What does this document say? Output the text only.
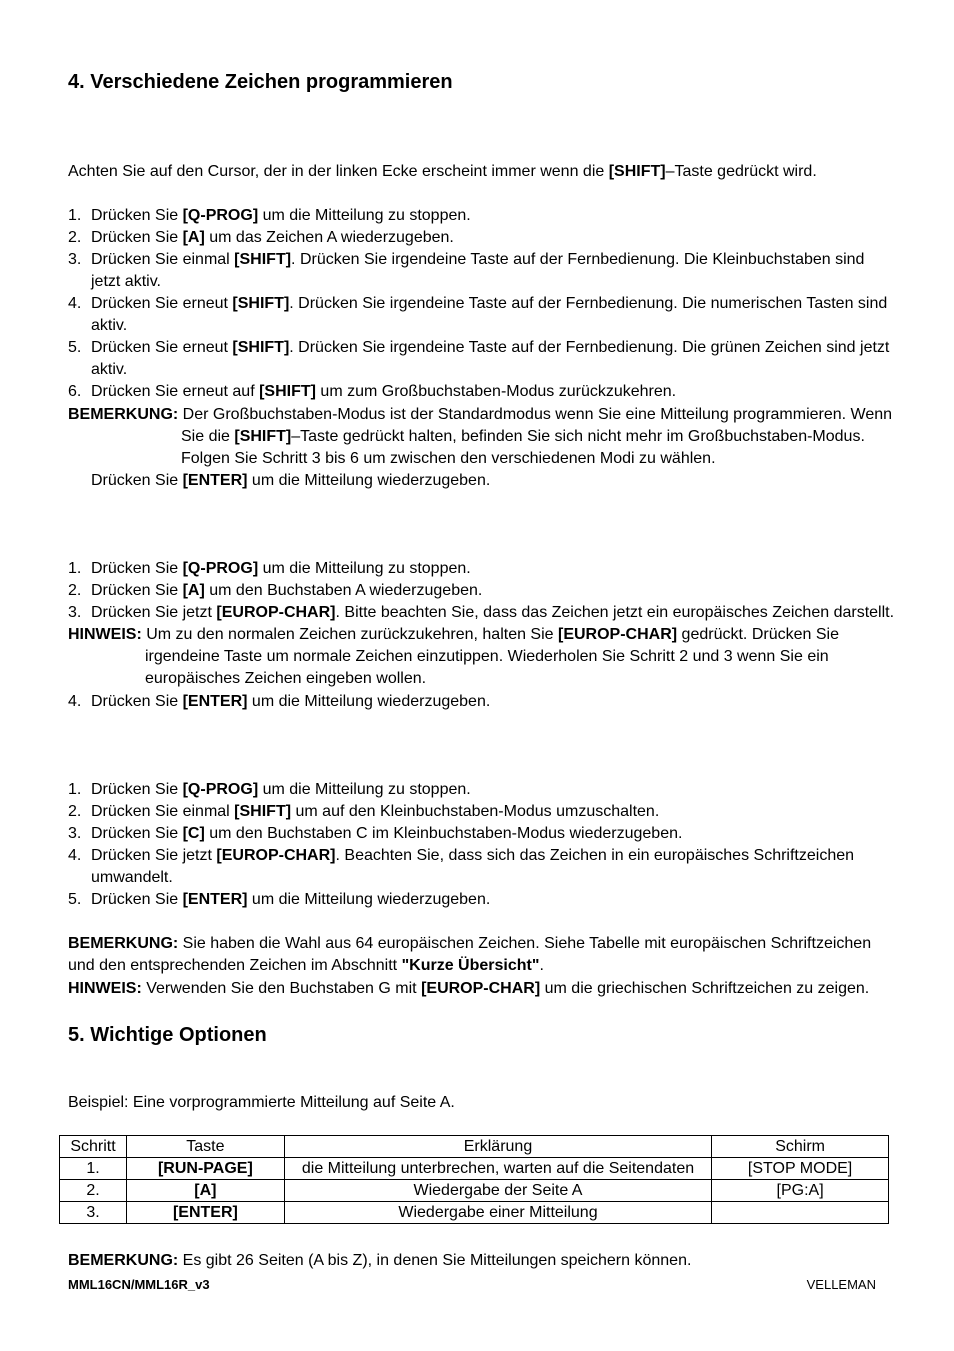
4. Verschiedene Zeichen programmieren
Achten Sie auf den Cursor, der in der linken Ecke erscheint immer wenn die [SHIFT]–Taste gedrückt wird.
1. Drücken Sie [Q-PROG] um die Mitteilung zu stoppen.
2. Drücken Sie [A] um das Zeichen A wiederzugeben.
3. Drücken Sie einmal [SHIFT]. Drücken Sie irgendeine Taste auf der Fernbedienung. Die Kleinbuchstaben sind jetzt aktiv.
4. Drücken Sie erneut [SHIFT]. Drücken Sie irgendeine Taste auf der Fernbedienung. Die numerischen Tasten sind aktiv.
5. Drücken Sie erneut [SHIFT]. Drücken Sie irgendeine Taste auf der Fernbedienung. Die grünen Zeichen sind jetzt aktiv.
6. Drücken Sie erneut auf [SHIFT] um zum Großbuchstaben-Modus zurückzukehren.
BEMERKUNG: Der Großbuchstaben-Modus ist der Standardmodus wenn Sie eine Mitteilung programmieren. Wenn
Sie die [SHIFT]–Taste gedrückt halten, befinden Sie sich nicht mehr im Großbuchstaben-Modus.
Folgen Sie Schritt 3 bis 6 um zwischen den verschiedenen Modi zu wählen.
Drücken Sie [ENTER] um die Mitteilung wiederzugeben.
1. Drücken Sie [Q-PROG] um die Mitteilung zu stoppen.
2. Drücken Sie [A] um den Buchstaben A wiederzugeben.
3. Drücken Sie jetzt [EUROP-CHAR]. Bitte beachten Sie, dass das Zeichen jetzt ein europäisches Zeichen darstellt.
HINWEIS: Um zu den normalen Zeichen zurückzukehren, halten Sie [EUROP-CHAR] gedrückt. Drücken Sie
irgendeine Taste um normale Zeichen einzutippen. Wiederholen Sie Schritt 2 und 3 wenn Sie ein
europäisches Zeichen eingeben wollen.
4. Drücken Sie [ENTER] um die Mitteilung wiederzugeben.
1. Drücken Sie [Q-PROG] um die Mitteilung zu stoppen.
2. Drücken Sie einmal [SHIFT] um auf den Kleinbuchstaben-Modus umzuschalten.
3. Drücken Sie [C] um den Buchstaben C im Kleinbuchstaben-Modus wiederzugeben.
4. Drücken Sie jetzt [EUROP-CHAR]. Beachten Sie, dass sich das Zeichen in ein europäisches Schriftzeichen umwandelt.
5. Drücken Sie [ENTER] um die Mitteilung wiederzugeben.
BEMERKUNG: Sie haben die Wahl aus 64 europäischen Zeichen. Siehe Tabelle mit europäischen Schriftzeichen und den entsprechenden Zeichen im Abschnitt "Kurze Übersicht".
HINWEIS: Verwenden Sie den Buchstaben G mit [EUROP-CHAR] um die griechischen Schriftzeichen zu zeigen.
5. Wichtige Optionen
Beispiel: Eine vorprogrammierte Mitteilung auf Seite A.
Schritt	Taste	Erklärung	Schirm
1.	[RUN-PAGE]	die Mitteilung unterbrechen, warten auf die Seitendaten	[STOP MODE]
2.	[A]	Wiedergabe der Seite A	[PG:A]
3.	[ENTER]	Wiedergabe einer Mitteilung	
BEMERKUNG: Es gibt 26 Seiten (A bis Z), in denen Sie Mitteilungen speichern können.
MML16CN/MML16R_v3	VELLEMAN
